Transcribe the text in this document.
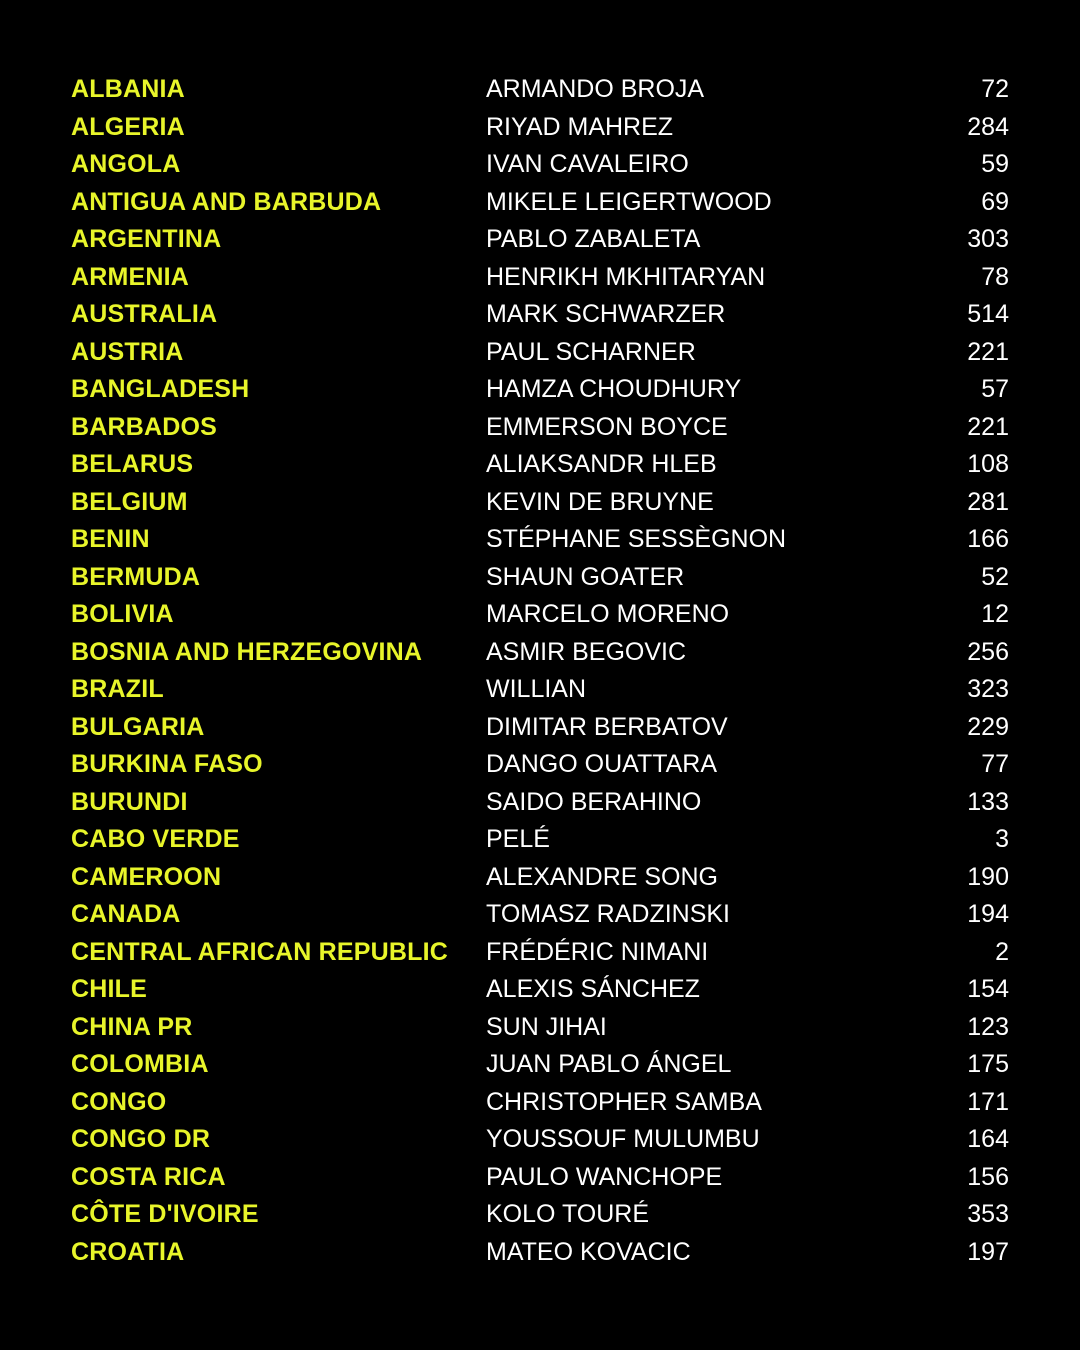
ALBANIA	ARMANDO BROJA	72
ALGERIA	RIYAD MAHREZ	284
ANGOLA	IVAN CAVALEIRO	59
ANTIGUA AND BARBUDA	MIKELE LEIGERTWOOD	69
ARGENTINA	PABLO ZABALETA	303
ARMENIA	HENRIKH MKHITARYAN	78
AUSTRALIA	MARK SCHWARZER	514
AUSTRIA	PAUL SCHARNER	221
BANGLADESH	HAMZA CHOUDHURY	57
BARBADOS	EMMERSON BOYCE	221
BELARUS	ALIAKSANDR HLEB	108
BELGIUM	KEVIN DE BRUYNE	281
BENIN	STÉPHANE SESSÈGNON	166
BERMUDA	SHAUN GOATER	52
BOLIVIA	MARCELO MORENO	12
BOSNIA AND HERZEGOVINA	ASMIR BEGOVIC	256
BRAZIL	WILLIAN	323
BULGARIA	DIMITAR BERBATOV	229
BURKINA FASO	DANGO OUATTARA	77
BURUNDI	SAIDO BERAHINO	133
CABO VERDE	PELÉ	3
CAMEROON	ALEXANDRE SONG	190
CANADA	TOMASZ RADZINSKI	194
CENTRAL AFRICAN REPUBLIC	FRÉDÉRIC NIMANI	2
CHILE	ALEXIS SÁNCHEZ	154
CHINA PR	SUN JIHAI	123
COLOMBIA	JUAN PABLO ÁNGEL	175
CONGO	CHRISTOPHER SAMBA	171
CONGO DR	YOUSSOUF MULUMBU	164
COSTA RICA	PAULO WANCHOPE	156
CÔTE D'IVOIRE	KOLO TOURÉ	353
CROATIA	MATEO KOVACIC	197
